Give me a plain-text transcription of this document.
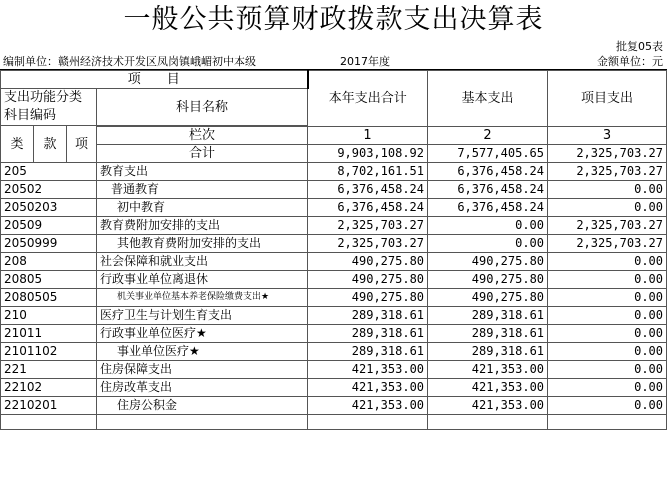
一般公共预算财政拨款支出决算表
批复05表
编制单位：赣州经济技术开发区凤岗镇峨嵋初中本级	2017年度	金额单位：元
项　　目				本年支出合计	基本支出	项目支出
支出功能分类科目编码			科目名称			

类	款	项				
			栏次	1	2	3
			合计	9,903,108.92	7,577,405.65	2,325,703.27
205			教育支出	8,702,161.51	6,376,458.24	2,325,703.27
20502			普通教育	6,376,458.24	6,376,458.24	0.00
2050203			初中教育	6,376,458.24	6,376,458.24	0.00
20509			教育费附加安排的支出	2,325,703.27	0.00	2,325,703.27
2050999			其他教育费附加安排的支出	2,325,703.27	0.00	2,325,703.27
208			社会保障和就业支出	490,275.80	490,275.80	0.00
20805			行政事业单位离退休	490,275.80	490,275.80	0.00
2080505			机关事业单位基本养老保险缴费支出★	490,275.80	490,275.80	0.00
210			医疗卫生与计划生育支出	289,318.61	289,318.61	0.00
21011			行政事业单位医疗★	289,318.61	289,318.61	0.00
2101102			事业单位医疗★	289,318.61	289,318.61	0.00
221			住房保障支出	421,353.00	421,353.00	0.00
22102			住房改革支出	421,353.00	421,353.00	0.00
2210201			住房公积金	421,353.00	421,353.00	0.00
